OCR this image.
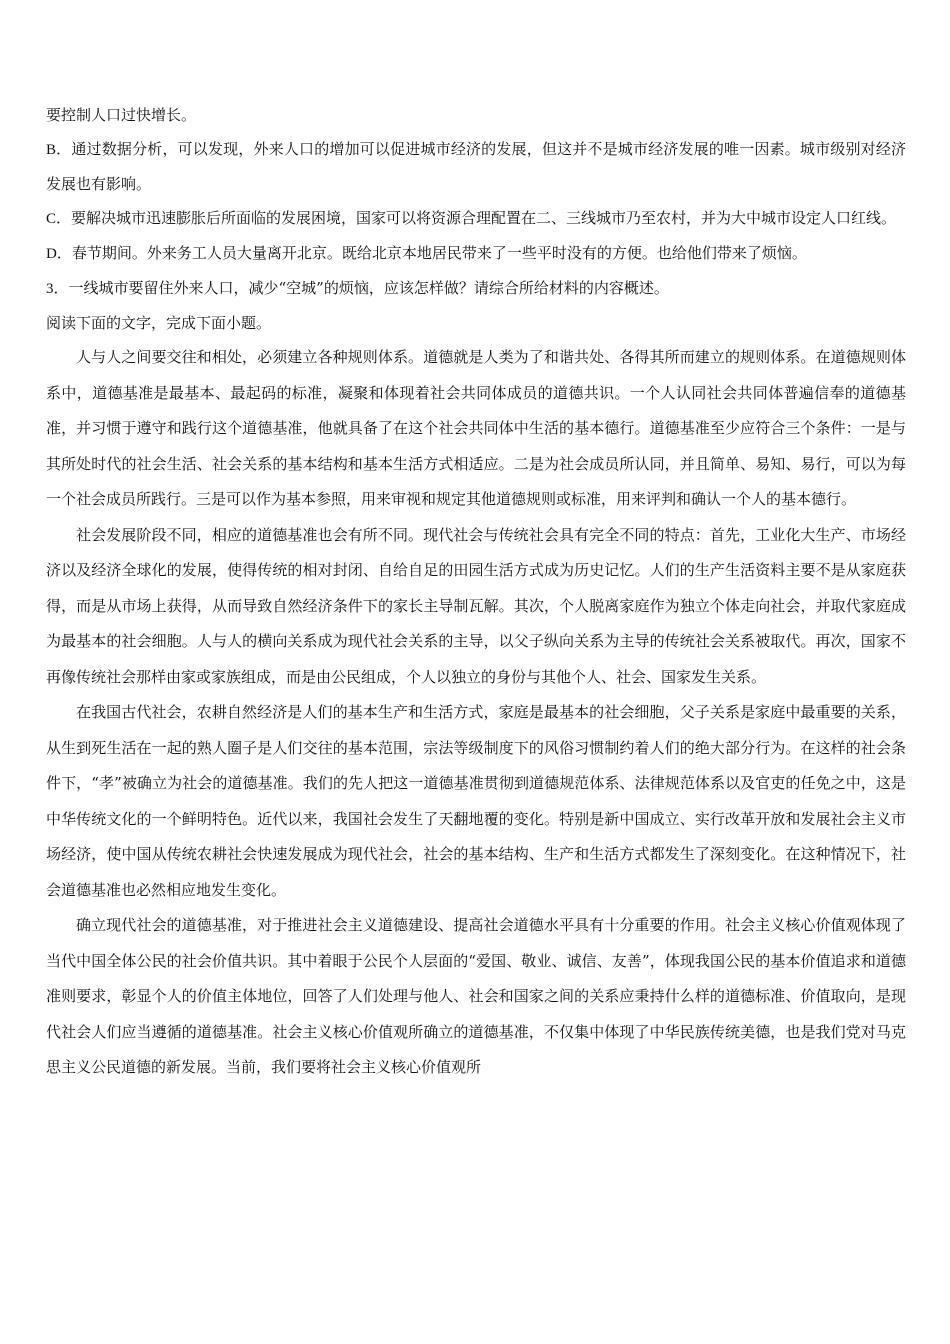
要控制人口过快增长。

B．通过数据分析，可以发现，外来人口的增加可以促进城市经济的发展，但这并不是城市经济发展的唯一因素。城市级别对经济发展也有影响。

C．要解决城市迅速膨胀后所面临的发展困境，国家可以将资源合理配置在二、三线城市乃至农村，并为大中城市设定人口红线。

D．春节期间。外来务工人员大量离开北京。既给北京本地居民带来了一些平时没有的方便。也给他们带来了烦恼。

3．一线城市要留住外来人口，减少“空城”的烦恼，应该怎样做？请综合所给材料的内容概述。

阅读下面的文字，完成下面小题。

人与人之间要交往和相处，必须建立各种规则体系。道德就是人类为了和谐共处、各得其所而建立的规则体系。在道德规则体系中，道德基准是最基本、最起码的标准，凝聚和体现着社会共同体成员的道德共识。一个人认同社会共同体普遍信奉的道德基准，并习惯于遵守和践行这个道德基准，他就具备了在这个社会共同体中生活的基本德行。道德基准至少应符合三个条件：一是与其所处时代的社会生活、社会关系的基本结构和基本生活方式相适应。二是为社会成员所认同，并且简单、易知、易行，可以为每一个社会成员所践行。三是可以作为基本参照，用来审视和规定其他道德规则或标准，用来评判和确认一个人的基本德行。

社会发展阶段不同，相应的道德基准也会有所不同。现代社会与传统社会具有完全不同的特点：首先，工业化大生产、市场经济以及经济全球化的发展，使得传统的相对封闭、自给自足的田园生活方式成为历史记忆。人们的生产生活资料主要不是从家庭获得，而是从市场上获得，从而导致自然经济条件下的家长主导制瓦解。其次，个人脱离家庭作为独立个体走向社会，并取代家庭成为最基本的社会细胞。人与人的横向关系成为现代社会关系的主导，以父子纵向关系为主导的传统社会关系被取代。再次，国家不再像传统社会那样由家或家族组成，而是由公民组成，个人以独立的身份与其他个人、社会、国家发生关系。

在我国古代社会，农耕自然经济是人们的基本生产和生活方式，家庭是最基本的社会细胞，父子关系是家庭中最重要的关系，从生到死生活在一起的熟人圈子是人们交往的基本范围，宗法等级制度下的风俗习惯制约着人们的绝大部分行为。在这样的社会条件下，“孝”被确立为社会的道德基准。我们的先人把这一道德基准贯彻到道德规范体系、法律规范体系以及官吏的任免之中，这是中华传统文化的一个鲜明特色。近代以来，我国社会发生了天翻地覆的变化。特别是新中国成立、实行改革开放和发展社会主义市场经济，使中国从传统农耕社会快速发展成为现代社会，社会的基本结构、生产和生活方式都发生了深刻变化。在这种情况下，社会道德基准也必然相应地发生变化。

确立现代社会的道德基准，对于推进社会主义道德建设、提高社会道德水平具有十分重要的作用。社会主义核心价值观体现了当代中国全体公民的社会价值共识。其中着眼于公民个人层面的“爱国、敬业、诚信、友善”，体现我国公民的基本价值追求和道德准则要求，彰显个人的价值主体地位，回答了人们处理与他人、社会和国家之间的关系应秉持什么样的道德标准、价值取向，是现代社会人们应当遵循的道德基准。社会主义核心价值观所确立的道德基准，不仅集中体现了中华民族传统美德，也是我们党对马克思主义公民道德的新发展。当前，我们要将社会主义核心价值观所
